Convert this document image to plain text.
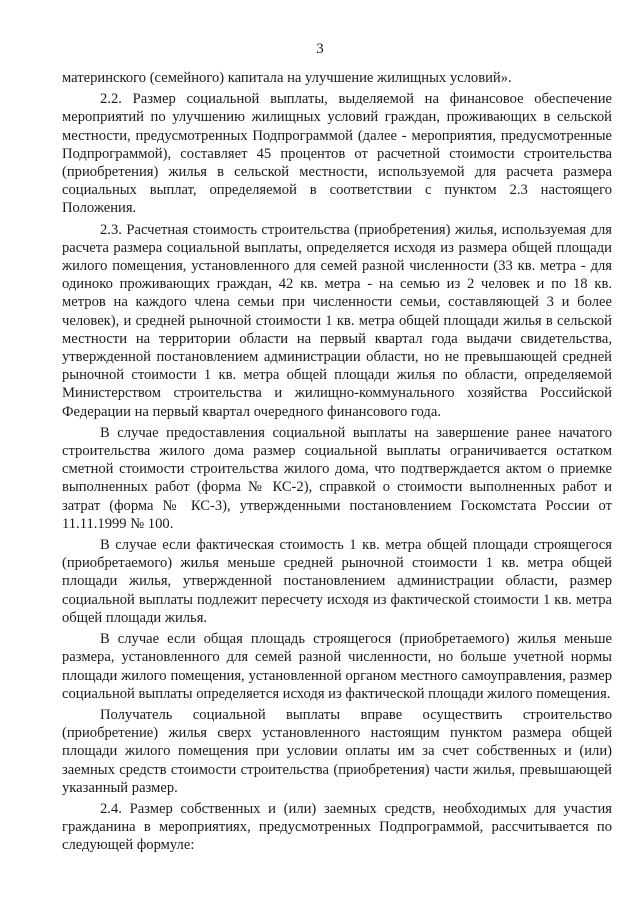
3

материнского (семейного) капитала на улучшение жилищных условий».

2.2. Размер социальной выплаты, выделяемой на финансовое обеспечение мероприятий по улучшению жилищных условий граждан, проживающих в сельской местности, предусмотренных Подпрограммой (далее - мероприятия, предусмотренные Подпрограммой), составляет 45 процентов от расчетной стоимости строительства (приобретения) жилья в сельской местности, используемой для расчета размера социальных выплат, определяемой в соответствии с пунктом 2.3 настоящего Положения.

2.3. Расчетная стоимость строительства (приобретения) жилья, используемая для расчета размера социальной выплаты, определяется исходя из размера общей площади жилого помещения, установленного для семей разной численности (33 кв. метра - для одиноко проживающих граждан, 42 кв. метра - на семью из 2 человек и по 18 кв. метров на каждого члена семьи при численности семьи, составляющей 3 и более человек), и средней рыночной стоимости 1 кв. метра общей площади жилья в сельской местности на территории области на первый квартал года выдачи свидетельства, утвержденной постановлением администрации области, но не превышающей средней рыночной стоимости 1 кв. метра общей площади жилья по области, определяемой Министерством строительства и жилищно-коммунального хозяйства Российской Федерации на первый квартал очередного финансового года.

В случае предоставления социальной выплаты на завершение ранее начатого строительства жилого дома размер социальной выплаты ограничивается остатком сметной стоимости строительства жилого дома, что подтверждается актом о приемке выполненных работ (форма № КС-2), справкой о стоимости выполненных работ и затрат (форма № КС-3), утвержденными постановлением Госкомстата России от 11.11.1999 № 100.

В случае если фактическая стоимость 1 кв. метра общей площади строящегося (приобретаемого) жилья меньше средней рыночной стоимости 1 кв. метра общей площади жилья, утвержденной постановлением администрации области, размер социальной выплаты подлежит пересчету исходя из фактической стоимости 1 кв. метра общей площади жилья.

В случае если общая площадь строящегося (приобретаемого) жилья меньше размера, установленного для семей разной численности, но больше учетной нормы площади жилого помещения, установленной органом местного самоуправления, размер социальной выплаты определяется исходя из фактической площади жилого помещения.

Получатель социальной выплаты вправе осуществить строительство (приобретение) жилья сверх установленного настоящим пунктом размера общей площади жилого помещения при условии оплаты им за счет собственных и (или) заемных средств стоимости строительства (приобретения) части жилья, превышающей указанный размер.

2.4. Размер собственных и (или) заемных средств, необходимых для участия гражданина в мероприятиях, предусмотренных Подпрограммой, рассчитывается по следующей формуле:
